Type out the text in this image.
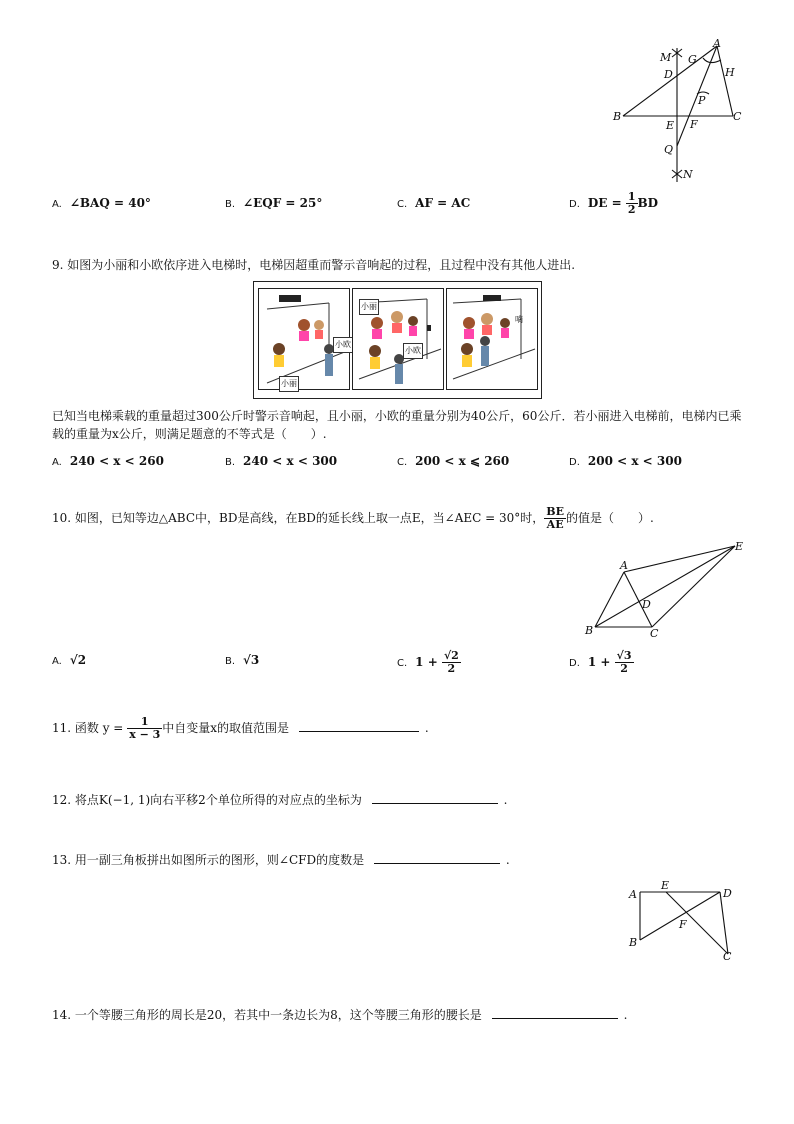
A
M G
H
D
P
B
E F
C
Q
N
A. ∠BAQ = 40°	B. ∠EQF = 25°	C. AF = AC	D. DE = $\frac{1}{2}$ BD
9. 如图为小丽和小欧依序进入电梯时，电梯因超重而警示音响起的过程，且过程中没有其他人进出.
小丽
小欧
小丽
小欧
嘀
已知当电梯乘载的重量超过300公斤时警示音响起，且小丽，小欧的重量分别为40公斤，60公斤．若小丽进入电梯前，电梯内已乘
载的重量为x公斤，则满足题意的不等式是（　　）.
A. 240 < x < 260	B. 240 < x < 300	C. 200 < x ⩽ 260	D. 200 < x < 300
10. 如图，已知等边△ABC中，BD是高线，在BD的延长线上取一点E，当∠AEC = 30°时， $\frac{BE}{AE}$ 的值是（　　）.
A
B	C
D
E
A. √2	B. √3	C. $1 + \frac{√2}{2}$	D. $1 + \frac{√3}{2}$
11. 函数 $y = \frac{1}{x - 3}$ 中自变量x的取值范围是	.
12. 将点K(−1, 1)向右平移2个单位所得的对应点的坐标为	.
13. 用一副三角板拼出如图所示的图形，则∠CFD的度数是	.
A
E
D
F
B
C
14. 一个等腰三角形的周长是20，若其中一条边长为8，这个等腰三角形的腰长是	.
